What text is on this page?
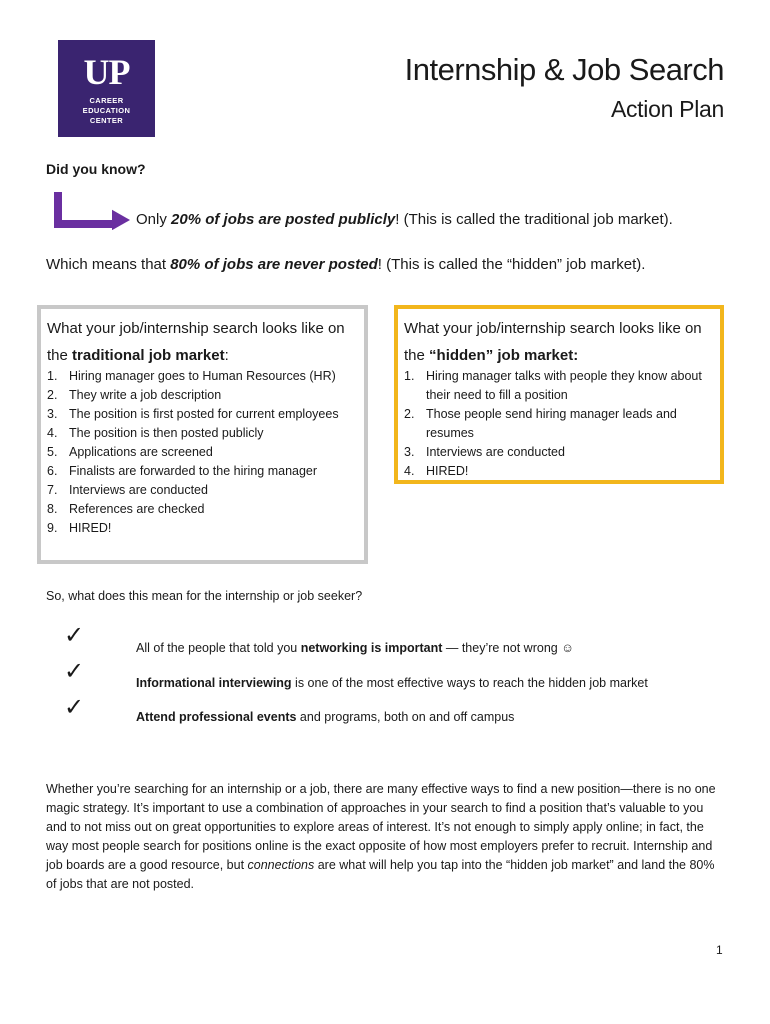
UP
CAREER
EDUCATION
CENTER
Internship & Job Search
Action Plan
Did you know?
Only 20% of jobs are posted publicly! (This is called the traditional job market).
Which means that 80% of jobs are never posted! (This is called the “hidden” job market).
What your job/internship search looks like on the traditional job market:
1. Hiring manager goes to Human Resources (HR)
2. They write a job description
3. The position is first posted for current employees
4. The position is then posted publicly
5. Applications are screened
6. Finalists are forwarded to the hiring manager
7. Interviews are conducted
8. References are checked
9. HIRED!
What your job/internship search looks like on the “hidden” job market:
1. Hiring manager talks with people they know about their need to fill a position
2. Those people send hiring manager leads and resumes
3. Interviews are conducted
4. HIRED!
So, what does this mean for the internship or job seeker?
✓
✓
✓
All of the people that told you networking is important — they’re not wrong ☺
Informational interviewing is one of the most effective ways to reach the hidden job market
Attend professional events and programs, both on and off campus
Whether you’re searching for an internship or a job, there are many effective ways to find a new position—there is no one magic strategy. It’s important to use a combination of approaches in your search to find a position that’s valuable to you and to not miss out on great opportunities to explore areas of interest. It’s not enough to simply apply online; in fact, the way most people search for positions online is the exact opposite of how most employers prefer to recruit. Internship and job boards are a good resource, but connections are what will help you tap into the “hidden job market” and land the 80% of jobs that are not posted.
1
